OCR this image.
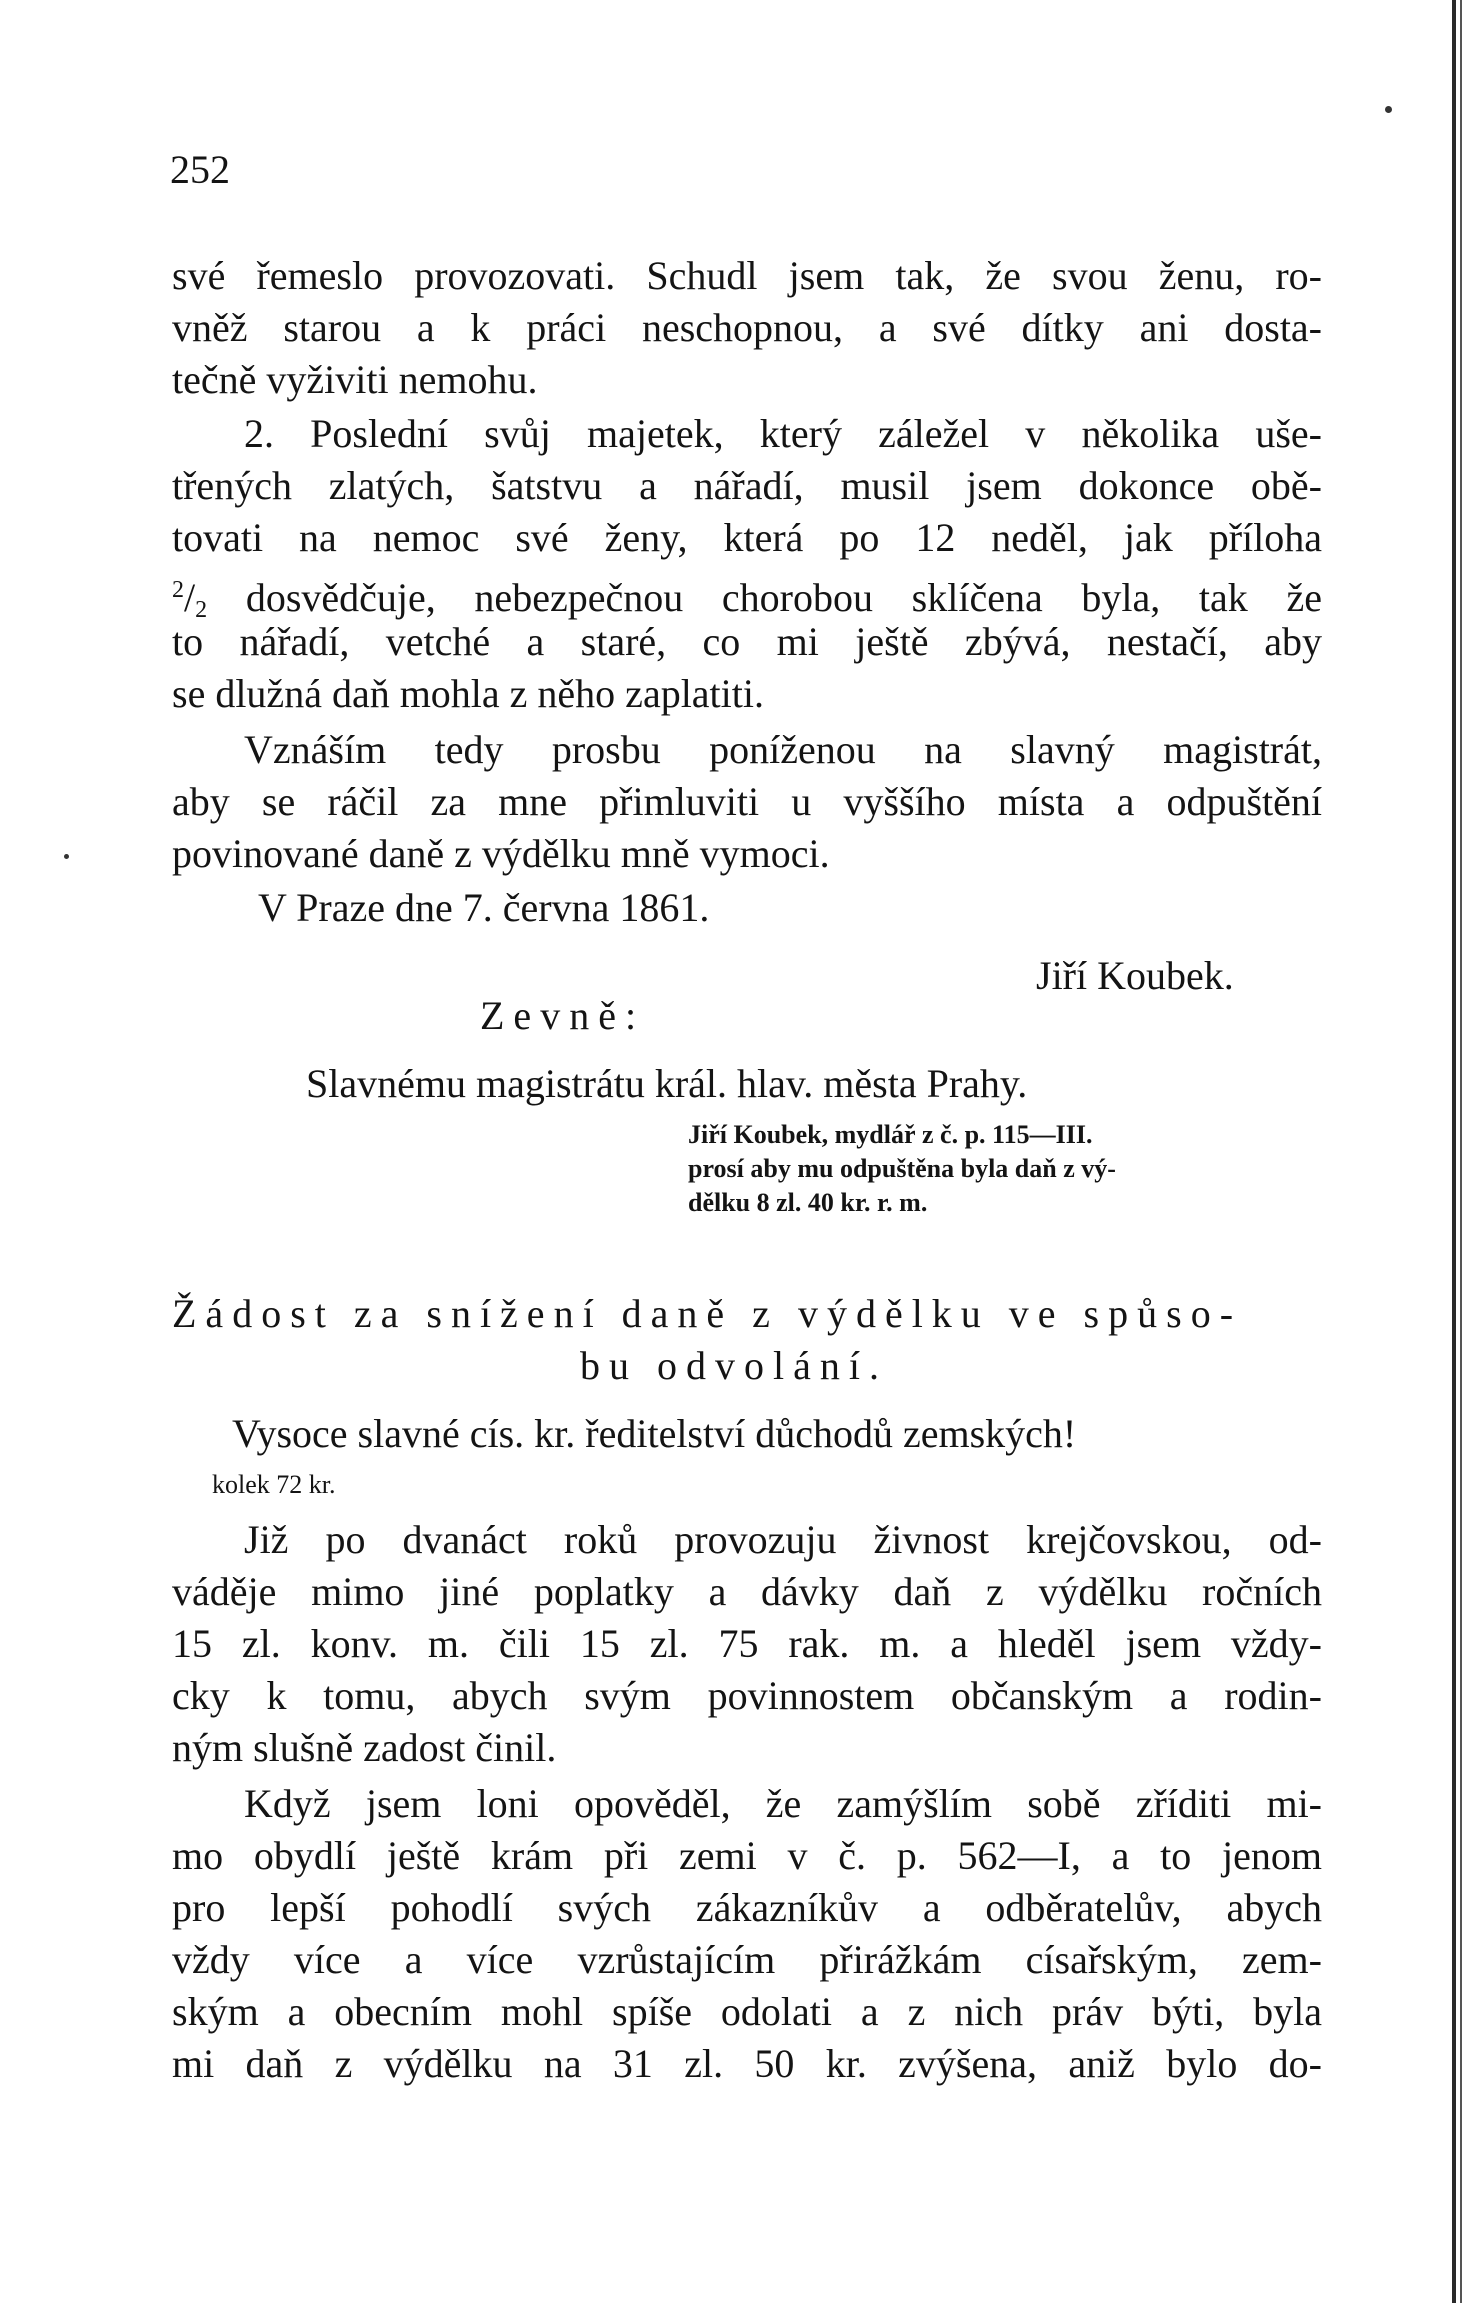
252
své řemeslo provozovati. Schudl jsem tak, že svou ženu, ro-
vněž starou a k práci neschopnou, a své dítky ani dosta-
tečně vyživiti nemohu.
2. Poslední svůj majetek, který záležel v několika uše-
třených zlatých, šatstvu a nářadí, musil jsem dokonce obě-
tovati na nemoc své ženy, která po 12 neděl, jak příloha
$^2/_2$ dosvědčuje, nebezpečnou chorobou sklíčena byla, tak že
to nářadí, vetché a staré, co mi ještě zbývá, nestačí, aby
se dlužná daň mohla z něho zaplatiti.
Vznáším tedy prosbu poníženou na slavný magistrát,
aby se ráčil za mne přimluviti u vyššího místa a odpuštění
povinované daně z výdělku mně vymoci.
V Praze dne 7. června 1861.
Jiří Koubek.
Zevně:
Slavnému magistrátu král. hlav. města Prahy.
Jiří Koubek, mydlář z č. p. 115—III.
prosí aby mu odpuštěna byla daň z vý-
dělku 8 zl. 40 kr. r. m.
Žádost za snížení daně z výdělku ve spůso-
bu odvolání.
Vysoce slavné cís. kr. ředitelství důchodů zemských!
kolek 72 kr.
Již po dvanáct roků provozuju živnost krejčovskou, od-
váděje mimo jiné poplatky a dávky daň z výdělku ročních
15 zl. konv. m. čili 15 zl. 75 rak. m. a hleděl jsem vždy-
cky k tomu, abych svým povinnostem občanským a rodin-
ným slušně zadost činil.
Když jsem loni opověděl, že zamýšlím sobě zříditi mi-
mo obydlí ještě krám při zemi v č. p. 562—I, a to jenom
pro lepší pohodlí svých zákazníkův a odběratelův, abych
vždy více a více vzrůstajícím přirážkám císařským, zem-
ským a obecním mohl spíše odolati a z nich práv býti, byla
mi daň z výdělku na 31 zl. 50 kr. zvýšena, aniž bylo do-
